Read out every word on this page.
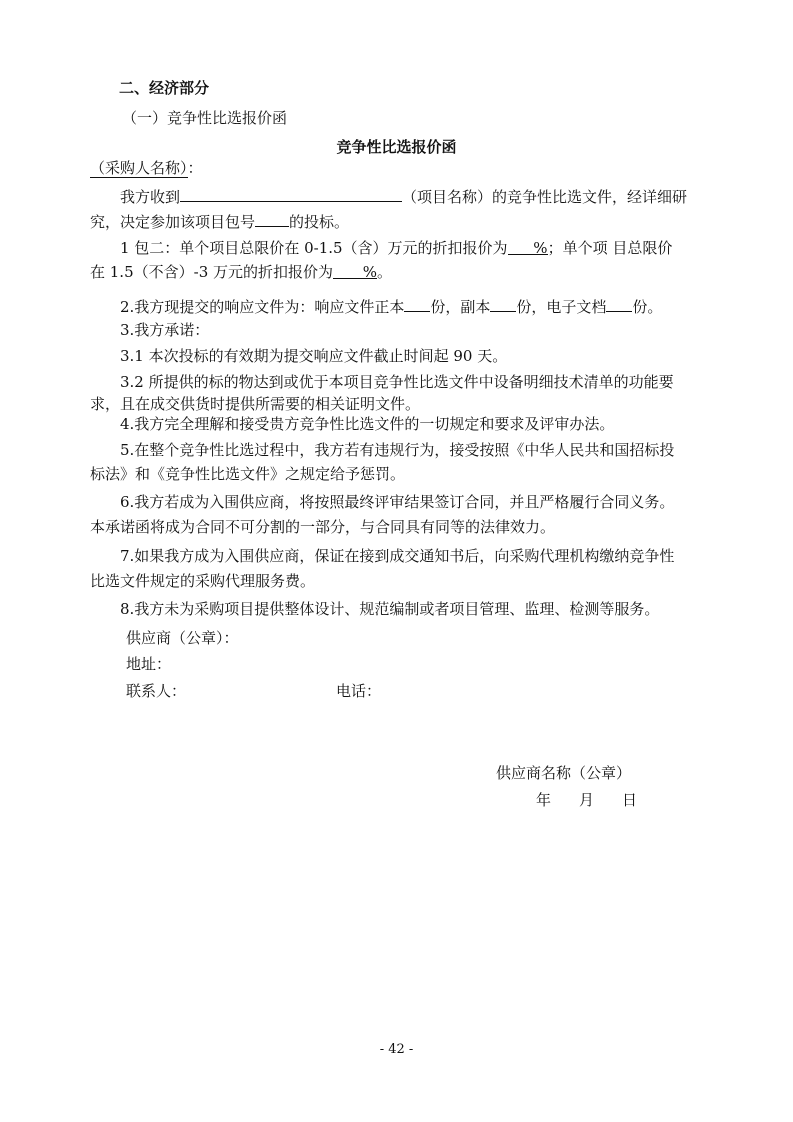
二、经济部分
（一）竞争性比选报价函
竞争性比选报价函
（采购人名称）：
我方收到	（项目名称）的竞争性比选文件，经详细研
究，决定参加该项目包号 的投标。
1 包二：单个项目总限价在 0-1.5（含）万元的折扣报价为 %；单个项 目总限价
在 1.5（不含）-3 万元的折扣报价为 %。
2.我方现提交的响应文件为：响应文件正本 份，副本 份，电子文档 份。
3.我方承诺：
3.1 本次投标的有效期为提交响应文件截止时间起 90 天。
3.2 所提供的标的物达到或优于本项目竞争性比选文件中设备明细技术清单的功能要
求，且在成交供货时提供所需要的相关证明文件。
4.我方完全理解和接受贵方竞争性比选文件的一切规定和要求及评审办法。
5.在整个竞争性比选过程中，我方若有违规行为，接受按照《中华人民共和国招标投
标法》和《竞争性比选文件》之规定给予惩罚。
6.我方若成为入围供应商，将按照最终评审结果签订合同，并且严格履行合同义务。
本承诺函将成为合同不可分割的一部分，与合同具有同等的法律效力。
7.如果我方成为入围供应商，保证在接到成交通知书后，向采购代理机构缴纳竞争性
比选文件规定的采购代理服务费。
8.我方未为采购项目提供整体设计、规范编制或者项目管理、监理、检测等服务。
供应商（公章）：
地址：
联系人：	电话：
供应商名称（公章）
年 月 日
- 42 -
